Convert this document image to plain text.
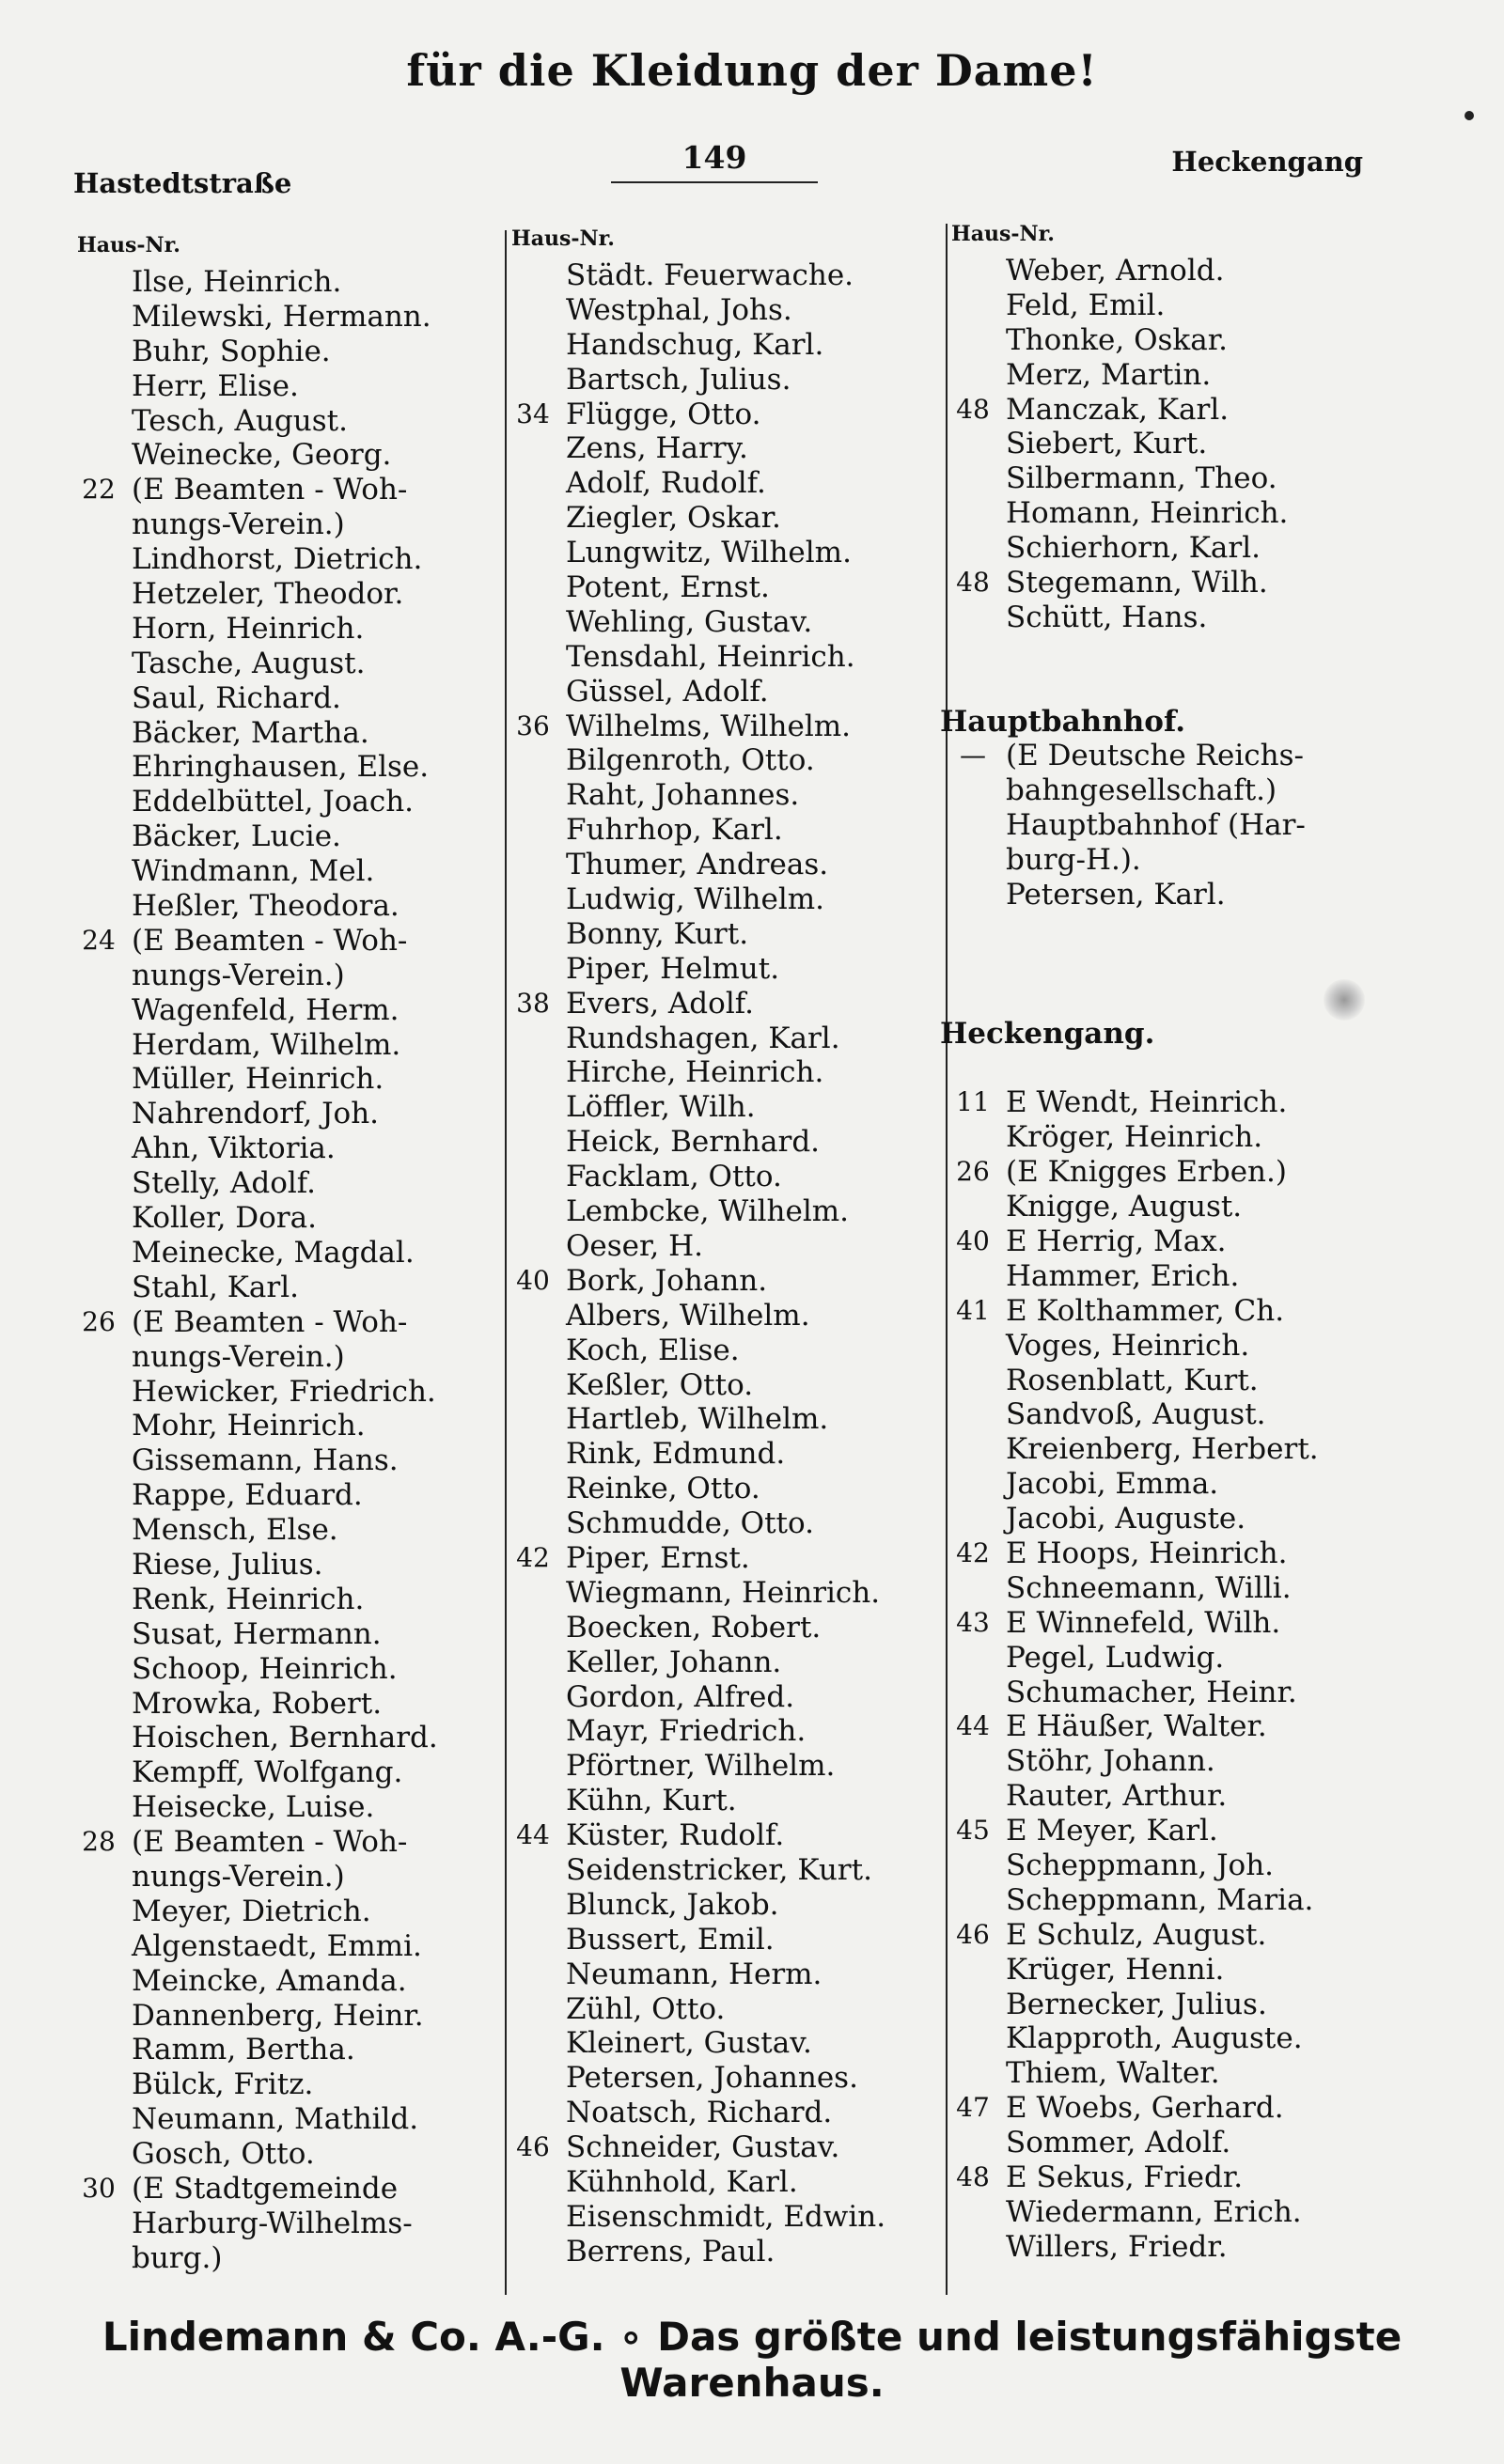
für die Kleidung der Dame!
Hastedtstraße
149	Heckengang
Haus-Nr.
Ilse, Heinrich.
Milewski, Hermann.
Buhr, Sophie.
Herr, Elise.
Tesch, August.
Weinecke, Georg.
22 (E Beamten - Woh-
nungs-Verein.)
Lindhorst, Dietrich.
Hetzeler, Theodor.
Horn, Heinrich.
Tasche, August.
Saul, Richard.
Bäcker, Martha.
Ehringhausen, Else.
Eddelbüttel, Joach.
Bäcker, Lucie.
Windmann, Mel.
Heßler, Theodora.
24 (E Beamten - Woh-
nungs-Verein.)
Wagenfeld, Herm.
Herdam, Wilhelm.
Müller, Heinrich.
Nahrendorf, Joh.
Ahn, Viktoria.
Stelly, Adolf.
Koller, Dora.
Meinecke, Magdal.
Stahl, Karl.
26 (E Beamten - Woh-
nungs-Verein.)
Hewicker, Friedrich.
Mohr, Heinrich.
Gissemann, Hans.
Rappe, Eduard.
Mensch, Else.
Riese, Julius.
Renk, Heinrich.
Susat, Hermann.
Schoop, Heinrich.
Mrowka, Robert.
Hoischen, Bernhard.
Kempff, Wolfgang.
Heisecke, Luise.
28 (E Beamten - Woh-
nungs-Verein.)
Meyer, Dietrich.
Algenstaedt, Emmi.
Meincke, Amanda.
Dannenberg, Heinr.
Ramm, Bertha.
Bülck, Fritz.
Neumann, Mathild.
Gosch, Otto.
30 (E Stadtgemeinde
Harburg-Wilhelms-
burg.)
Haus-Nr.
Städt. Feuerwache.
Westphal, Johs.
Handschug, Karl.
Bartsch, Julius.
34 Flügge, Otto.
Zens, Harry.
Adolf, Rudolf.
Ziegler, Oskar.
Lungwitz, Wilhelm.
Potent, Ernst.
Wehling, Gustav.
Tensdahl, Heinrich.
Güssel, Adolf.
36 Wilhelms, Wilhelm.
Bilgenroth, Otto.
Raht, Johannes.
Fuhrhop, Karl.
Thumer, Andreas.
Ludwig, Wilhelm.
Bonny, Kurt.
Piper, Helmut.
38 Evers, Adolf.
Rundshagen, Karl.
Hirche, Heinrich.
Löffler, Wilh.
Heick, Bernhard.
Facklam, Otto.
Lembcke, Wilhelm.
Oeser, H.
40 Bork, Johann.
Albers, Wilhelm.
Koch, Elise.
Keßler, Otto.
Hartleb, Wilhelm.
Rink, Edmund.
Reinke, Otto.
Schmudde, Otto.
42 Piper, Ernst.
Wiegmann, Heinrich.
Boecken, Robert.
Keller, Johann.
Gordon, Alfred.
Mayr, Friedrich.
Pförtner, Wilhelm.
Kühn, Kurt.
44 Küster, Rudolf.
Seidenstricker, Kurt.
Blunck, Jakob.
Bussert, Emil.
Neumann, Herm.
Zühl, Otto.
Kleinert, Gustav.
Petersen, Johannes.
Noatsch, Richard.
46 Schneider, Gustav.
Kühnhold, Karl.
Eisenschmidt, Edwin.
Berrens, Paul.
Haus-Nr.
Weber, Arnold.
Feld, Emil.
Thonke, Oskar.
Merz, Martin.
48 Manczak, Karl.
Siebert, Kurt.
Silbermann, Theo.
Homann, Heinrich.
Schierhorn, Karl.
48 Stegemann, Wilh.
Schütt, Hans.
Hauptbahnhof.
— (E Deutsche Reichs-
bahngesellschaft.)
Hauptbahnhof (Har-
burg-H.).
Petersen, Karl.
Heckengang.
11 E Wendt, Heinrich.
Kröger, Heinrich.
26 (E Knigges Erben.)
Knigge, August.
40 E Herrig, Max.
Hammer, Erich.
41 E Kolthammer, Ch.
Voges, Heinrich.
Rosenblatt, Kurt.
Sandvoß, August.
Kreienberg, Herbert.
Jacobi, Emma.
Jacobi, Auguste.
42 E Hoops, Heinrich.
Schneemann, Willi.
43 E Winnefeld, Wilh.
Pegel, Ludwig.
Schumacher, Heinr.
44 E Häußer, Walter.
Stöhr, Johann.
Rauter, Arthur.
45 E Meyer, Karl.
Scheppmann, Joh.
Scheppmann, Maria.
46 E Schulz, August.
Krüger, Henni.
Bernecker, Julius.
Klapproth, Auguste.
Thiem, Walter.
47 E Woebs, Gerhard.
Sommer, Adolf.
48 E Sekus, Friedr.
Wiedermann, Erich.
Willers, Friedr.
Lindemann & Co. A.-G. ∘ Das größte und leistungsfähigste Warenhaus.
